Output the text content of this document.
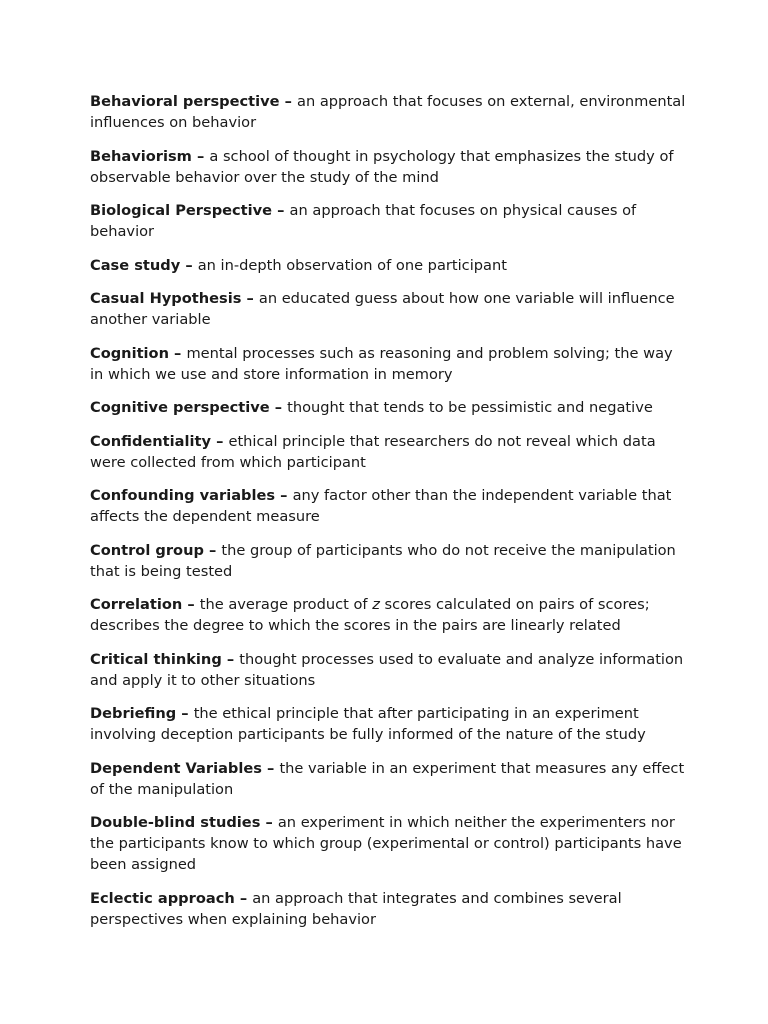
Behavioral perspective – an approach that focuses on external, environmental influences on behavior

Behaviorism – a school of thought in psychology that emphasizes the study of observable behavior over the study of the mind

Biological Perspective – an approach that focuses on physical causes of behavior

Case study – an in-depth observation of one participant

Casual Hypothesis – an educated guess about how one variable will influence another variable

Cognition – mental processes such as reasoning and problem solving; the way in which we use and store information in memory

Cognitive perspective – thought that tends to be pessimistic and negative

Confidentiality – ethical principle that researchers do not reveal which data were collected from which participant

Confounding variables – any factor other than the independent variable that affects the dependent measure

Control group – the group of participants who do not receive the manipulation that is being tested

Correlation – the average product of z scores calculated on pairs of scores; describes the degree to which the scores in the pairs are linearly related

Critical thinking – thought processes used to evaluate and analyze information and apply it to other situations

Debriefing – the ethical principle that after participating in an experiment involving deception participants be fully informed of the nature of the study

Dependent Variables – the variable in an experiment that measures any effect of the manipulation

Double-blind studies – an experiment in which neither the experimenters nor the participants know to which group (experimental or control) participants have been assigned

Eclectic approach – an approach that integrates and combines several perspectives when explaining behavior
